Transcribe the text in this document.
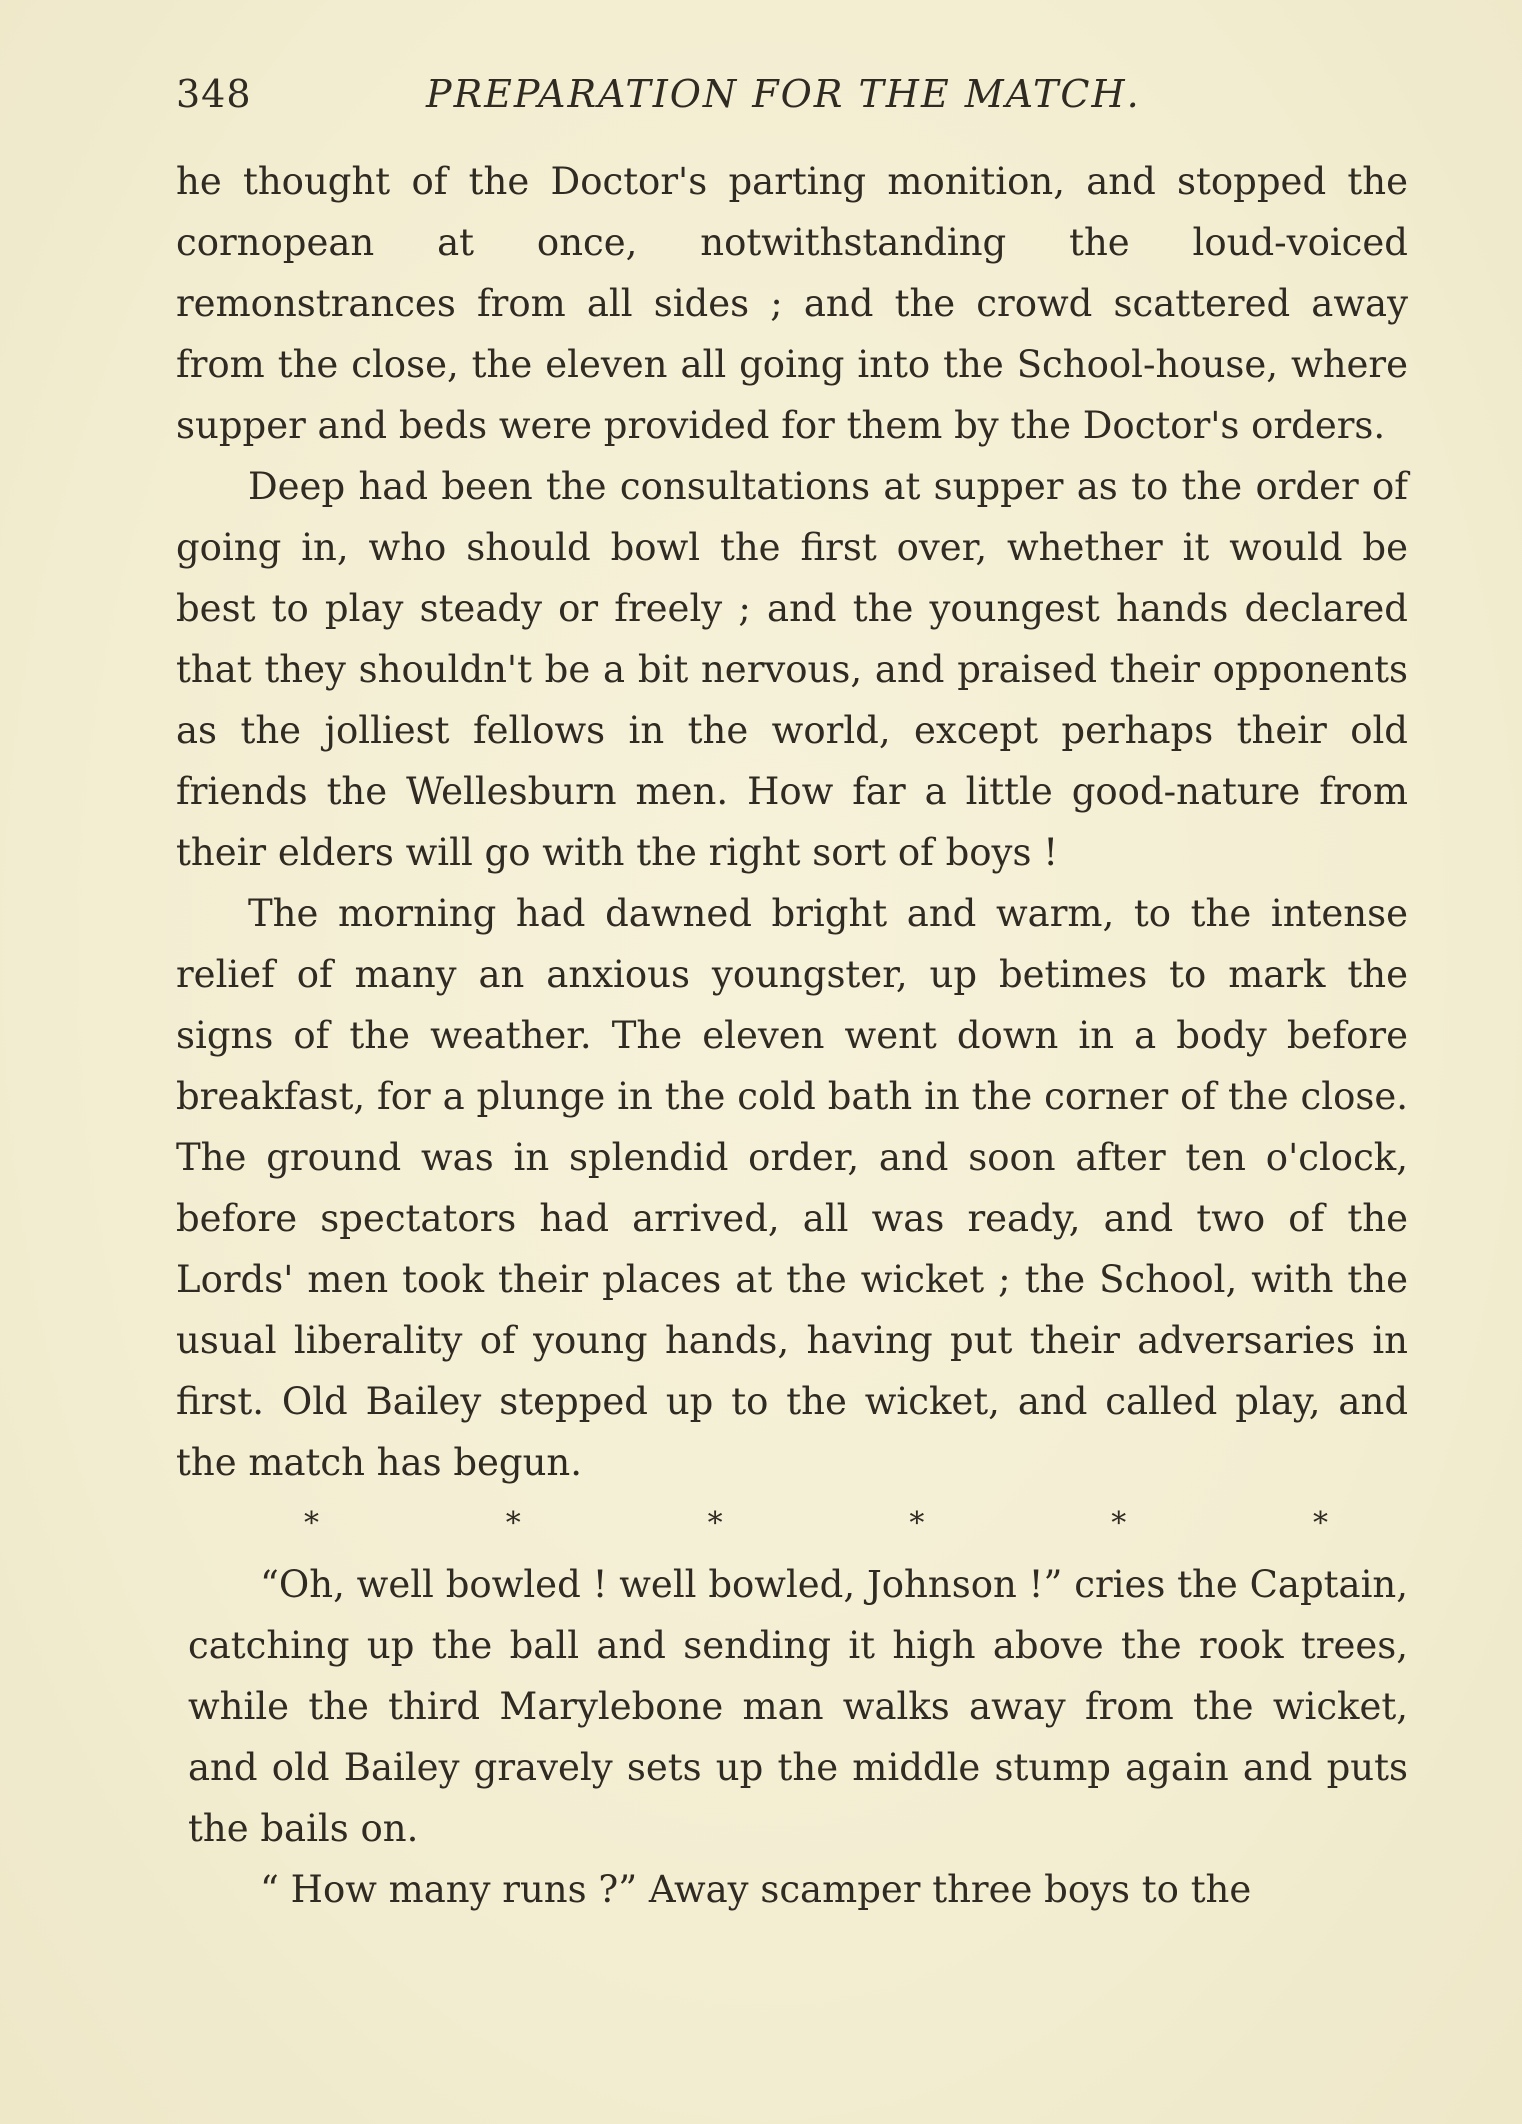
348	PREPARATION FOR THE MATCH.

he thought of the Doctor's parting monition, and stopped the cornopean at once, notwithstanding the loud-voiced remonstrances from all sides ; and the crowd scattered away from the close, the eleven all going into the School-house, where supper and beds were provided for them by the Doctor's orders.

Deep had been the consultations at supper as to the order of going in, who should bowl the first over, whether it would be best to play steady or freely ; and the youngest hands declared that they shouldn't be a bit nervous, and praised their opponents as the jolliest fellows in the world, except perhaps their old friends the Wellesburn men. How far a little good-nature from their elders will go with the right sort of boys !

The morning had dawned bright and warm, to the intense relief of many an anxious youngster, up betimes to mark the signs of the weather. The eleven went down in a body before breakfast, for a plunge in the cold bath in the corner of the close. The ground was in splendid order, and soon after ten o'clock, before spectators had arrived, all was ready, and two of the Lords' men took their places at the wicket ; the School, with the usual liberality of young hands, having put their adversaries in first. Old Bailey stepped up to the wicket, and called play, and the match has begun.

*	*	*	*	*	*

“Oh, well bowled ! well bowled, Johnson !” cries the Captain, catching up the ball and sending it high above the rook trees, while the third Marylebone man walks away from the wicket, and old Bailey gravely sets up the middle stump again and puts the bails on.

“ How many runs ?” Away scamper three boys to the
